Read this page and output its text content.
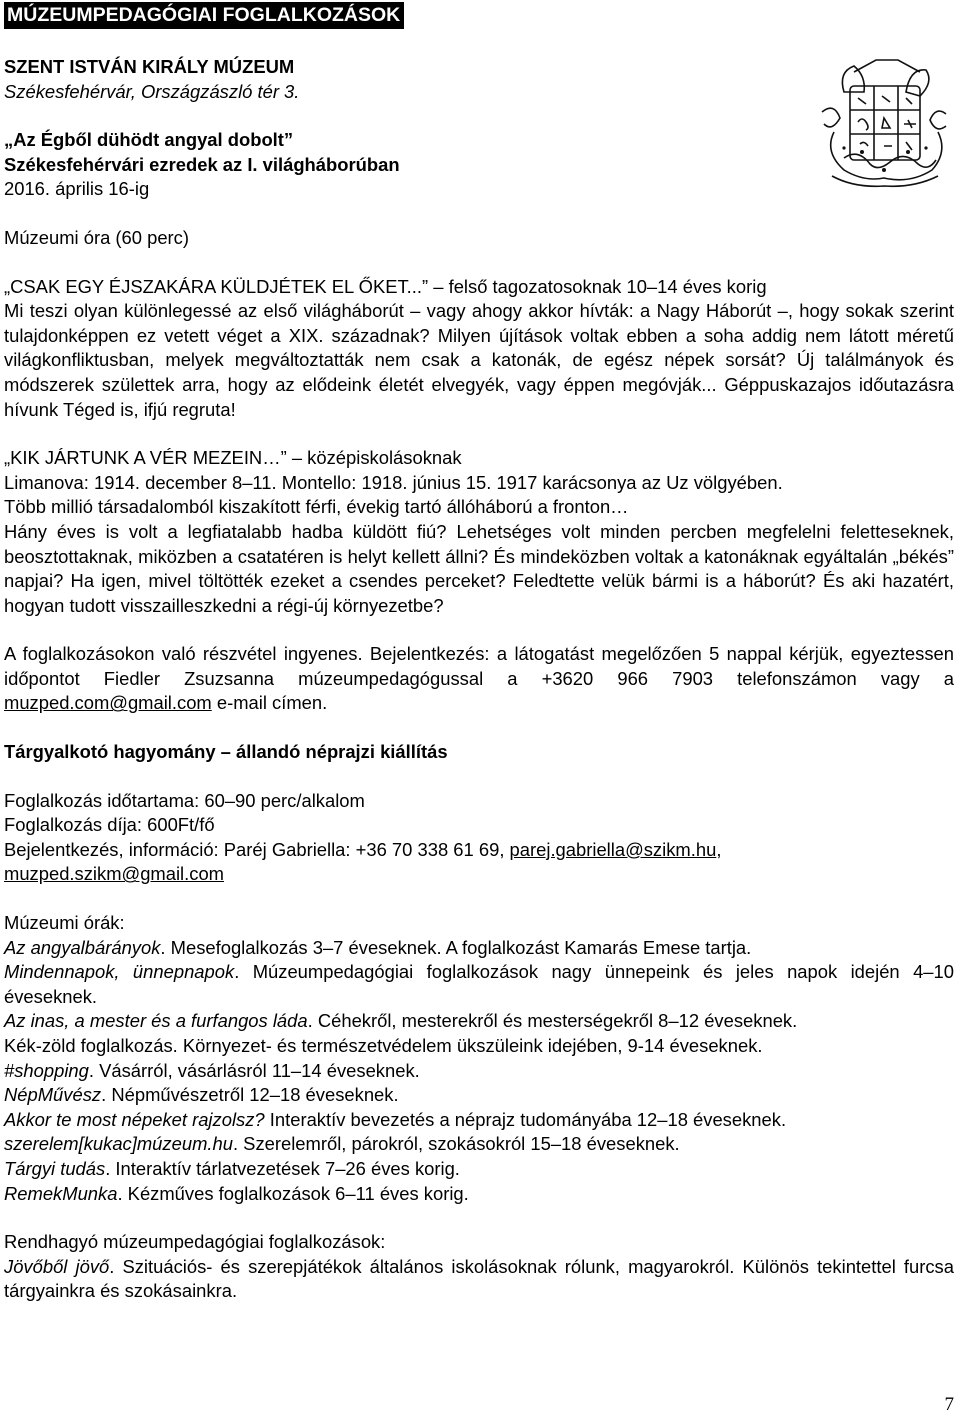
MÚZEUMPEDAGÓGIAI FOGLALKOZÁSOK

SZENT ISTVÁN KIRÁLY MÚZEUM

Székesfehérvár, Országzászló tér 3.

„Az Égből dühödt angyal dobolt”

Székesfehérvári ezredek az I. világháborúban

2016. április 16-ig

Múzeumi óra (60 perc)

„CSAK EGY ÉJSZAKÁRA KÜLDJÉTEK EL ŐKET...” – felső tagozatosoknak 10–14 éves korig

Mi teszi olyan különlegessé az első világháborút – vagy ahogy akkor hívták: a Nagy Háborút –, hogy sokak szerint tulajdonképpen ez vetett véget a XIX. századnak? Milyen újítások voltak ebben a soha addig nem látott méretű világkonfliktusban, melyek megváltoztatták nem csak a katonák, de egész népek sorsát? Új találmányok és módszerek születtek arra, hogy az elődeink életét elvegyék, vagy éppen megóvják... Géppuskazajos időutazásra hívunk Téged is, ifjú regruta!

„KIK JÁRTUNK A VÉR MEZEIN…” – középiskolásoknak

Limanova: 1914. december 8–11. Montello: 1918. június 15. 1917 karácsonya az Uz völgyében.

Több millió társadalomból kiszakított férfi, évekig tartó állóháború a fronton…

Hány éves is volt a legfiatalabb hadba küldött fiú? Lehetséges volt minden percben megfelelni feletteseknek, beosztottaknak, miközben a csatatéren is helyt kellett állni? És mindeközben voltak a katonáknak egyáltalán „békés” napjai? Ha igen, mivel töltötték ezeket a csendes perceket? Feledtette velük bármi is a háborút? És aki hazatért, hogyan tudott visszailleszkedni a régi-új környezetbe?

A foglalkozásokon való részvétel ingyenes. Bejelentkezés: a látogatást megelőzően 5 nappal kérjük, egyeztessen időpontot Fiedler Zsuzsanna múzeumpedagógussal a +3620 966 7903 telefonszámon vagy a muzped.com@gmail.com e-mail címen.

Tárgyalkotó hagyomány – állandó néprajzi kiállítás

Foglalkozás időtartama: 60–90 perc/alkalom

Foglalkozás díja: 600Ft/fő

Bejelentkezés, információ: Paréj Gabriella: +36 70 338 61 69, parej.gabriella@szikm.hu,

muzped.szikm@gmail.com

Múzeumi órák:

Az angyalbárányok. Mesefoglalkozás 3–7 éveseknek. A foglalkozást Kamarás Emese tartja.

Mindennapok, ünnepnapok. Múzeumpedagógiai foglalkozások nagy ünnepeink és jeles napok idején 4–10 éveseknek.

Az inas, a mester és a furfangos láda. Céhekről, mesterekről és mesterségekről 8–12 éveseknek.

Kék-zöld foglalkozás. Környezet- és természetvédelem ükszüleink idejében, 9-14 éveseknek.

#shopping. Vásárról, vásárlásról 11–14 éveseknek.

NépMűvész. Népművészetről 12–18 éveseknek.

Akkor te most népeket rajzolsz? Interaktív bevezetés a néprajz tudományába 12–18 éveseknek.

szerelem[kukac]múzeum.hu. Szerelemről, párokról, szokásokról 15–18 éveseknek.

Tárgyi tudás. Interaktív tárlatvezetések 7–26 éves korig.

RemekMunka. Kézműves foglalkozások 6–11 éves korig.

Rendhagyó múzeumpedagógiai foglalkozások:

Jövőből jövő. Szituációs- és szerepjátékok általános iskolásoknak rólunk, magyarokról. Különös tekintettel furcsa tárgyainkra és szokásainkra.

7
